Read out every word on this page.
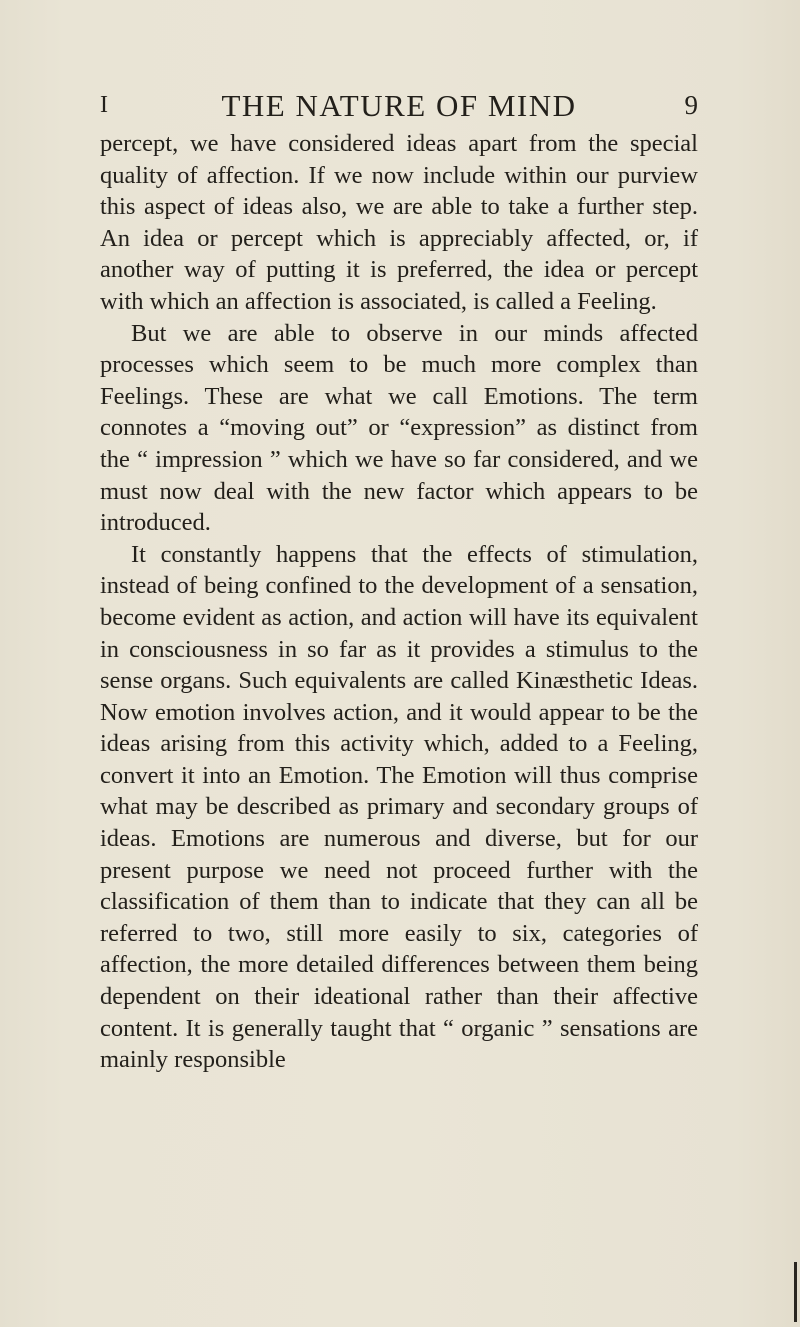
I	THE NATURE OF MIND	9

percept, we have considered ideas apart from the special quality of affection. If we now include within our purview this aspect of ideas also, we are able to take a further step. An idea or percept which is appreciably affected, or, if another way of putting it is preferred, the idea or percept with which an affection is associated, is called a Feeling.

But we are able to observe in our minds affected processes which seem to be much more complex than Feelings. These are what we call Emotions. The term connotes a “moving out” or “expression” as distinct from the “ impression ” which we have so far considered, and we must now deal with the new factor which appears to be introduced.

It constantly happens that the effects of stimulation, instead of being confined to the development of a sensation, become evident as action, and action will have its equivalent in consciousness in so far as it provides a stimulus to the sense organs. Such equivalents are called Kinæsthetic Ideas. Now emotion involves action, and it would appear to be the ideas arising from this activity which, added to a Feeling, convert it into an Emotion. The Emotion will thus comprise what may be described as primary and secondary groups of ideas. Emotions are numerous and diverse, but for our present purpose we need not proceed further with the classification of them than to indicate that they can all be referred to two, still more easily to six, categories of affection, the more detailed differences between them being dependent on their ideational rather than their affective content. It is generally taught that “ organic ” sensations are mainly responsible
